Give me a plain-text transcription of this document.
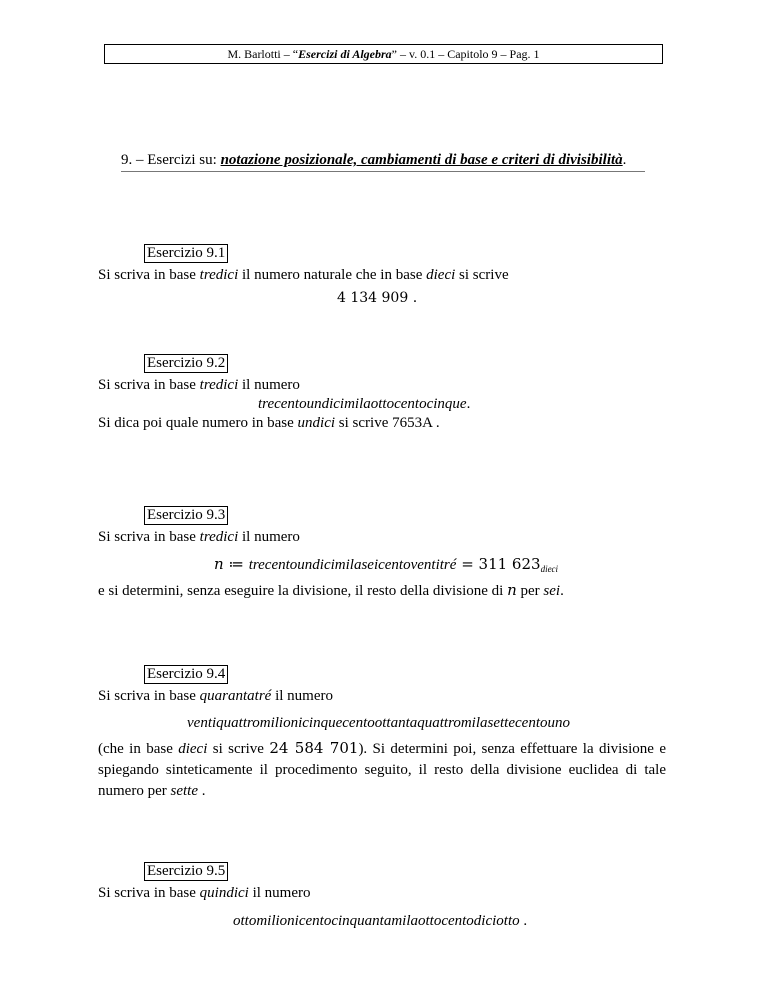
M. Barlotti – “Esercizi di Algebra” – v. 0.1 – Capitolo 9 – Pag. 1
9. – Esercizi su: notazione posizionale, cambiamenti di base e criteri di divisibilità.
Esercizio 9.1
Si scriva in base tredici il numero naturale che in base dieci si scrive
4 134 909 .
Esercizio 9.2
Si scriva in base tredici il numero
trecentoundicimilaottocentocinque.
Si dica poi quale numero in base undici si scrive 7653A .
Esercizio 9.3
Si scriva in base tredici il numero
n ≔ trecentoundicimilaseicentoventitré = 311 $623_{dieci}$
e si determini, senza eseguire la divisione, il resto della divisione di n per sei.
Esercizio 9.4
Si scriva in base quarantatré il numero
ventiquattromilionicinquecentoottantaquattromilasettecentouno
(che in base dieci si scrive 24 584 701). Si determini poi, senza effettuare la divisione e spiegando sinteticamente il procedimento seguito, il resto della divisione euclidea di tale numero per sette .
Esercizio 9.5
Si scriva in base quindici il numero
ottomilionicentocinquantamilaottocentodiciotto .
